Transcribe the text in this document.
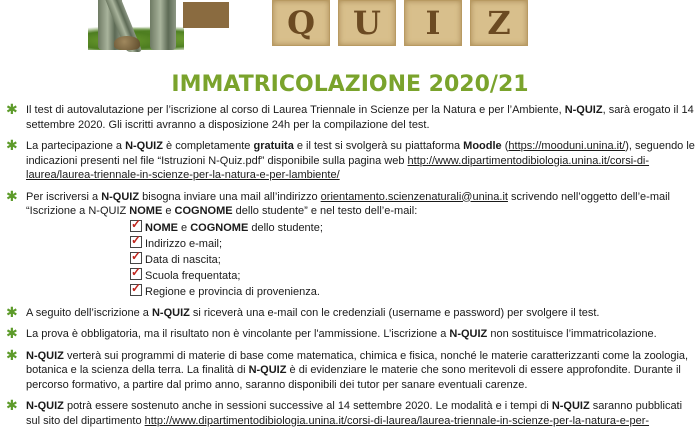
Q U I Z
IMMATRICOLAZIONE 2020/21

✱ Il test di autovalutazione per l’iscrizione al corso di Laurea Triennale in Scienze per la Natura e per l’Ambiente, N-QUIZ, sarà erogato il 14 settembre 2020. Gli iscritti avranno a disposizione 24h per la compilazione del test.

✱ La partecipazione a N-QUIZ è completamente gratuita e il test si svolgerà su piattaforma Moodle (https://mooduni.unina.it/), seguendo le indicazioni presenti nel file “Istruzioni N-Quiz.pdf” disponibile sulla pagina web http://www.dipartimentodibiologia.unina.it/corsi-di-laurea/laurea-triennale-in-scienze-per-la-natura-e-per-lambiente/

✱ Per iscriversi a N-QUIZ bisogna inviare una mail all’indirizzo orientamento.scienzenaturali@unina.it scrivendo nell’oggetto dell’e-mail “Iscrizione a N-QUIZ NOME e COGNOME dello studente” e nel testo dell’e-mail:

✓NOME e COGNOME dello studente;
✓Indirizzo e-mail;
✓Data di nascita;
✓Scuola frequentata;
✓Regione e provincia di provenienza.

✱ A seguito dell’iscrizione a N-QUIZ si riceverà una e-mail con le credenziali (username e password) per svolgere il test.

✱ La prova è obbligatoria, ma il risultato non è vincolante per l'ammissione. L’iscrizione a N-QUIZ non sostituisce l’immatricolazione.

✱ N-QUIZ verterà sui programmi di materie di base come matematica, chimica e fisica, nonché le materie caratterizzanti come la zoologia, botanica e la scienza della terra. La finalità di N-QUIZ è di evidenziare le materie che sono meritevoli di essere approfondite. Durante il percorso formativo, a partire dal primo anno, saranno disponibili dei tutor per sanare eventuali carenze.

✱ N-QUIZ potrà essere sostenuto anche in sessioni successive al 14 settembre 2020. Le modalità e i tempi di N-QUIZ saranno pubblicati sul sito del dipartimento http://www.dipartimentodibiologia.unina.it/corsi-di-laurea/laurea-triennale-in-scienze-per-la-natura-e-per-
